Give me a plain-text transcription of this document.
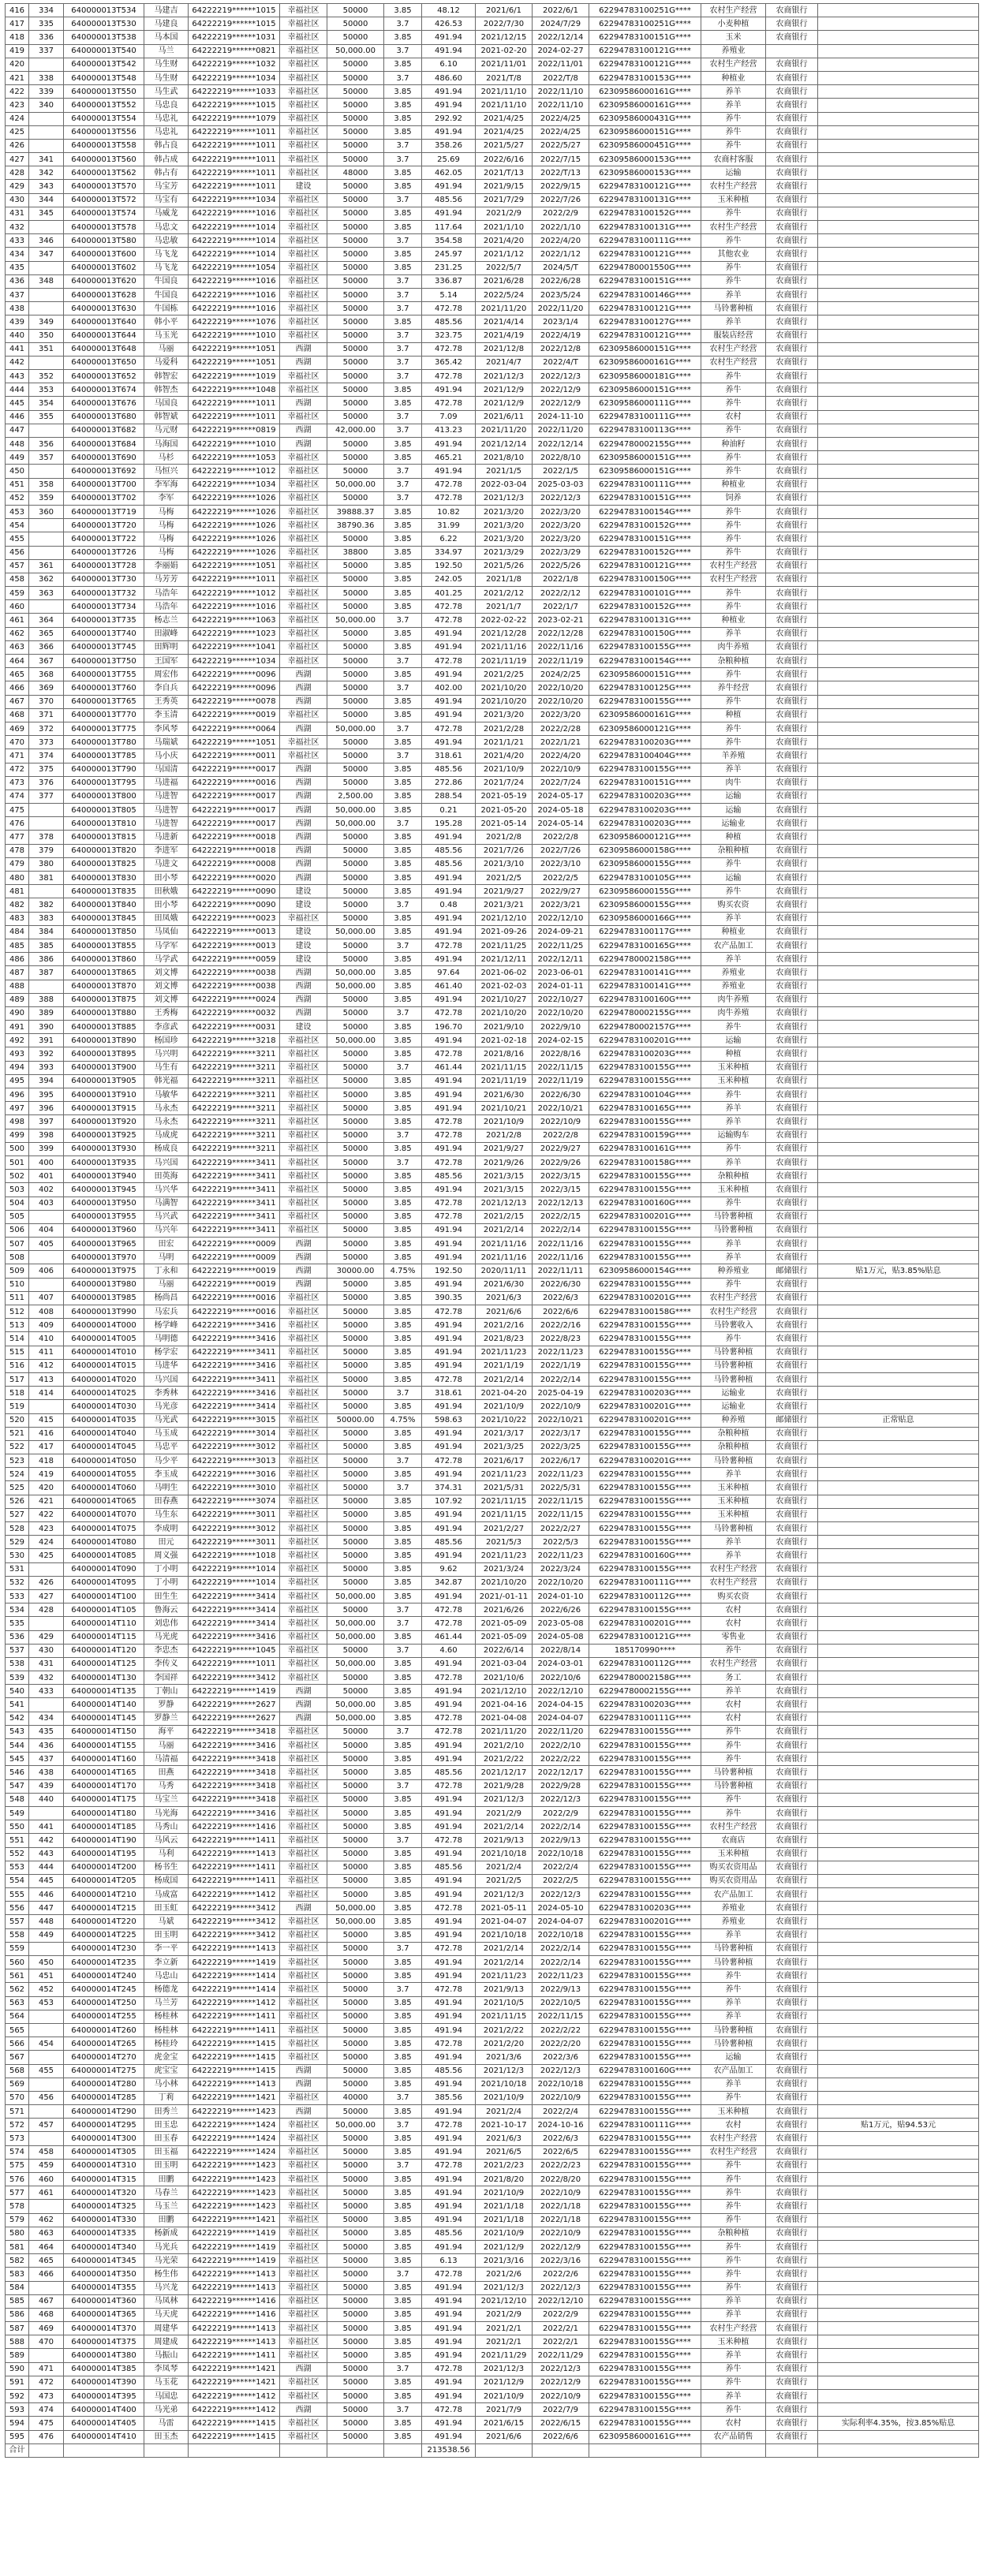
416	334	640000013T534	马建吉	64222219******1015	幸福社区	50000	3.85	48.12	2021/6/1	2022/6/1	62294783100251G****	农村生产经营	农商银行	
417	335	640000013T530	马建良	64222219******1015	幸福社区	50000	3.7	426.53	2022/7/30	2024/7/29	62294783100251G****	小麦种植	农商银行	
418	336	640000013T538	马本国	64222219******1031	幸福社区	50000	3.85	491.94	2021/12/15	2022/12/14	62294783100151G****	玉米	农商银行	
419	337	640000013T540	马兰	64222219******0821	幸福社区	50,000.00	3.7	491.94	2021-02-20	2024-02-27	62294783100121G****	养殖业		
420		640000013T542	马生财	64222219******1032	幸福社区	50000	3.85	6.10	2021/11/01	2022/11/01	62294783100121G****	农村生产经营	农商银行	
421	338	640000013T548	马生财	64222219******1034	幸福社区	50000	3.7	486.60	2021/T/8	2022/T/8	62294783100153G****	种植业	农商银行	
422	339	640000013T550	马生武	64222219******1033	幸福社区	50000	3.85	491.94	2021/11/10	2022/11/10	62309586000161G****	养羊	农商银行	
423	340	640000013T552	马忠良	64222219******1015	幸福社区	50000	3.85	491.94	2021/11/10	2022/11/10	62309586000161G****	养羊	农商银行	
424		640000013T554	马忠礼	64222219******1079	幸福社区	50000	3.85	292.92	2021/4/25	2022/4/25	62309586000431G****	养牛	农商银行	
425		640000013T556	马忠礼	64222219******1011	幸福社区	50000	3.85	491.94	2021/4/25	2022/4/25	62309586000151G****	养牛	农商银行	
426		640000013T558	韩占良	64222219******1011	幸福社区	50000	3.7	358.26	2021/5/27	2022/5/27	62309586000451G****	养牛	农商银行	
427	341	640000013T560	韩占成	64222219******1011	幸福社区	50000	3.7	25.69	2022/6/16	2022/7/15	62309586000153G****	农商村客服	农商银行	
428	342	640000013T562	韩占有	64222219******1011	幸福社区	48000	3.85	462.05	2021/T/13	2022/T/13	62309586000153G****	运输	农商银行	
429	343	640000013T570	马宝芳	64222219******1011	建设	50000	3.85	491.94	2021/9/15	2022/9/15	62294783100121G****	农村生产经营	农商银行	
430	344	640000013T572	马宝有	64222219******1034	幸福社区	50000	3.7	485.56	2021/7/29	2022/7/26	62294783100131G****	玉米种植	农商银行	
431	345	640000013T574	马威龙	64222219******1016	幸福社区	50000	3.85	491.94	2021/2/9	2022/2/9	62294783100152G****	养牛	农商银行	
432		640000013T578	马忠文	64222219******1014	幸福社区	50000	3.85	117.64	2021/1/10	2022/1/10	62294783100131G****	农村生产经营	农商银行	
433	346	640000013T580	马忠敏	64222219******1014	幸福社区	50000	3.7	354.58	2021/4/20	2022/4/20	62294783100111G****	养牛	农商银行	
434	347	640000013T600	马飞龙	64222219******1014	幸福社区	50000	3.85	245.97	2021/1/12	2022/1/12	62294783100121G****	其他农业	农商银行	
435		640000013T602	马飞龙	64222219******1054	幸福社区	50000	3.85	231.25	2022/5/7	2024/5/T	62294780001550G****	养牛	农商银行	
436	348	640000013T620	牛国良	64222219******1016	幸福社区	50000	3.7	336.87	2021/6/28	2022/6/28	62294783100151G****	养牛	农商银行	
437		640000013T628	牛国良	64222219******1016	幸福社区	50000	3.7	5.14	2022/5/24	2023/5/24	62294783100146G****	养羊	农商银行	
438		640000013T630	牛国栋	64222219******1016	幸福社区	50000	3.7	472.78	2021/11/20	2022/11/20	62294783100121G****	马铃薯种植	农商银行	
439	349	640000013T640	韩小平	64222219******1076	幸福社区	50000	3.85	485.56	2021/4/14	2023/1/4	62294783100127G****	养羊	农商银行	
440	350	640000013T644	马玉光	64222219******1010	幸福社区	50000	3.7	323.75	2021/4/19	2022/4/19	62294783100121G****	服装店经营	农商银行	
441	351	640000013T648	马丽	64222219******1051	西湖	50000	3.7	472.78	2021/12/8	2022/12/8	62309586000151G****	农村生产经营	农商银行	
442		640000013T650	马爱科	64222219******1051	西湖	50000	3.7	365.42	2021/4/7	2022/4/T	62309586000161G****	农村生产经营	农商银行	
443	352	640000013T652	韩智宏	64222219******1019	幸福社区	50000	3.7	472.78	2021/12/3	2022/12/3	62309586000181G****	养牛	农商银行	
444	353	640000013T674	韩智杰	64222219******1048	幸福社区	50000	3.85	491.94	2021/12/9	2022/12/9	62309586000151G****	养牛	农商银行	
445	354	640000013T676	马国良	64222219******1011	西湖	50000	3.85	472.78	2021/12/9	2022/12/9	62309586000111G****	养牛	农商银行	
446	355	640000013T680	韩智斌	64222219******1011	幸福社区	50000	3.7	7.09	2021/6/11	2024-11-10	62294783100111G****	农村	农商银行	
447		640000013T682	马元财	64222219******0819	西湖	42,000.00	3.7	413.23	2021/11/20	2022/11/20	62294783100113G****	养牛	农商银行	
448	356	640000013T684	马海国	64222219******1010	西湖	50000	3.85	491.94	2021/12/14	2022/12/14	62294780002155G****	种油籽	农商银行	
449	357	640000013T690	马杉	64222219******1053	幸福社区	50000	3.85	465.21	2021/8/10	2022/8/10	62309586000151G****	养牛	农商银行	
450		640000013T692	马恒兴	64222219******1012	幸福社区	50000	3.7	491.94	2021/1/5	2022/1/5	62309586000151G****	养牛	农商银行	
451	358	640000013T700	李军海	64222219******1034	幸福社区	50,000.00	3.7	472.78	2022-03-04	2025-03-03	62294783100111G****	种植业	农商银行	
452	359	640000013T702	李军	64222219******1026	幸福社区	50000	3.7	472.78	2021/12/3	2022/12/3	62294783100151G****	饲养	农商银行	
453	360	640000013T719	马梅	64222219******1026	幸福社区	39888.37	3.85	10.82	2021/3/20	2022/3/20	62294783100154G****	养牛	农商银行	
454		640000013T720	马梅	64222219******1026	幸福社区	38790.36	3.85	31.99	2021/3/20	2022/3/20	62294783100152G****	养牛	农商银行	
455		640000013T722	马梅	64222219******1026	幸福社区	50000	3.85	6.22	2021/3/20	2022/3/20	62294783100151G****	养牛	农商银行	
456		640000013T726	马梅	64222219******1026	幸福社区	38800	3.85	334.97	2021/3/29	2022/3/29	62294783100152G****	养牛	农商银行	
457	361	640000013T728	李丽娟	64222219******1051	幸福社区	50000	3.85	192.50	2021/5/26	2022/5/26	62294783100121G****	农村生产经营	农商银行	
458	362	640000013T730	马芳芳	64222219******1011	幸福社区	50000	3.85	242.05	2021/1/8	2022/1/8	62294783100150G****	农村生产经营	农商银行	
459	363	640000013T732	马浩年	64222219******1012	幸福社区	50000	3.85	401.25	2021/2/12	2022/2/12	62294783100101G****	养牛	农商银行	
460		640000013T734	马浩年	64222219******1016	幸福社区	50000	3.85	472.78	2021/1/7	2022/1/7	62294783100152G****	养牛	农商银行	
461	364	640000013T735	杨志兰	64222219******1063	幸福社区	50,000.00	3.7	472.78	2022-02-22	2023-02-21	62294783100131G****	种植业	农商银行	
462	365	640000013T740	田淑峰	64222219******1023	幸福社区	50000	3.85	491.94	2021/12/28	2022/12/28	62294783100150G****	养羊	农商银行	
463	366	640000013T745	田辉明	64222219******1041	幸福社区	50000	3.85	491.94	2021/11/16	2022/11/16	62294783100155G****	肉牛养殖	农商银行	
464	367	640000013T750	王国军	64222219******1034	幸福社区	50000	3.7	472.78	2021/11/19	2022/11/19	62294783100154G****	杂粮种植	农商银行	
465	368	640000013T755	周宏伟	64222219******0096	西湖	50000	3.85	491.94	2021/2/25	2024/2/25	62309586000151G****	养牛	农商银行	
466	369	640000013T760	李自兵	64222219******0096	西湖	50000	3.7	402.00	2021/10/20	2022/10/20	62294783100125G****	养牛经营	农商银行	
467	370	640000013T765	王秀英	64222219******0078	西湖	50000	3.85	491.94	2021/10/20	2022/10/20	62294783100155G****	养牛	农商银行	
468	371	640000013T770	李玉清	64222219******0019	幸福社区	50000	3.85	491.94	2021/3/20	2022/3/20	62309586000161G****	种植	农商银行	
469	372	640000013T775	李风琴	64222219******0064	西湖	50,000.00	3.7	472.78	2021/2/28	2022/2/28	62309586000121G****	养牛	农商银行	
470	373	640000013T780	马瑞斌	64222219******1051	幸福社区	50000	3.85	491.94	2021/1/21	2022/1/21	62294783100203G****	养牛	农商银行	
471	374	640000013T785	马小庆	64222219******0011	幸福社区	50000	3.7	318.61	2021/4/20	2022/4/20	62294783100404G****	羊养殖	农商银行	
472	375	640000013T790	马国清	64222219******0017	西湖	50000	3.85	485.56	2021/10/9	2022/10/9	62294783100155G****	养羊	农商银行	
473	376	640000013T795	马进福	64222219******0016	西湖	50000	3.85	272.86	2021/7/24	2022/7/24	62294783100151G****	肉牛	农商银行	
474	377	640000013T800	马进智	64222219******0017	西湖	2,500.00	3.85	288.54	2021-05-19	2024-05-17	62294783100203G****	运输	农商银行	
475		640000013T805	马进智	64222219******0017	西湖	50,000.00	3.85	0.21	2021-05-20	2024-05-18	62294783100203G****	运输	农商银行	
476		640000013T810	马进智	64222219******0017	西湖	50,000.00	3.7	195.28	2021-05-14	2024-05-14	62294783100203G****	运输业	农商银行	
477	378	640000013T815	马进新	64222219******0018	西湖	50000	3.85	491.94	2021/2/8	2022/2/8	62309586000121G****	种植	农商银行	
478	379	640000013T820	李进军	64222219******0018	西湖	50000	3.85	485.56	2021/7/26	2022/7/26	62309586000158G****	杂粮种植	农商银行	
479	380	640000013T825	马进文	64222219******0008	西湖	50000	3.85	485.56	2021/3/10	2022/3/10	62309586000155G****	养牛	农商银行	
480	381	640000013T830	田小琴	64222219******0020	西湖	50000	3.85	491.94	2021/2/5	2022/2/5	62294783100105G****	运输	农商银行	
481		640000013T835	田秋娥	64222219******0090	建设	50000	3.85	491.94	2021/9/27	2022/9/27	62309586000155G****	养牛	农商银行	
482	382	640000013T840	田小琴	64222219******0090	建设	50000	3.7	0.48	2021/3/21	2022/3/21	62309586000155G****	购买农资	农商银行	
483	383	640000013T845	田凤娥	64222219******0023	幸福社区	50000	3.85	491.94	2021/12/10	2022/12/10	62309586000166G****	养羊	农商银行	
484	384	640000013T850	马凤仙	64222219******0013	建设	50,000.00	3.85	491.94	2021-09-26	2024-09-21	62294783100117G****	种植业	农商银行	
485	385	640000013T855	马学军	64222219******0013	建设	50000	3.7	472.78	2021/11/25	2022/11/25	62294783100165G****	农产品加工	农商银行	
486	386	640000013T860	马学武	64222219******0059	建设	50000	3.85	491.94	2021/12/11	2022/12/11	62294780002158G****	养羊	农商银行	
487	387	640000013T865	刘文博	64222219******0038	西湖	50,000.00	3.85	97.64	2021-06-02	2023-06-01	62294783100141G****	养殖业	农商银行	
488		640000013T870	刘文博	64222219******0038	西湖	50,000.00	3.85	461.40	2021-02-03	2024-01-11	62294783100141G****	养殖业	农商银行	
489	388	640000013T875	刘文博	64222219******0024	西湖	50000	3.85	491.94	2021/10/27	2022/10/27	62294783100160G****	肉牛养殖	农商银行	
490	389	640000013T880	王秀梅	64222219******0032	西湖	50000	3.7	472.78	2021/10/20	2022/10/20	62294780002155G****	肉牛养殖	农商银行	
491	390	640000013T885	李彦武	64222219******0031	建设	50000	3.85	196.70	2021/9/10	2022/9/10	62294780002157G****	养牛	农商银行	
492	391	640000013T890	杨国珍	64222219******3218	幸福社区	50,000.00	3.85	491.94	2021-02-18	2024-02-15	62294783100201G****	运输	农商银行	
493	392	640000013T895	马兴明	64222219******3211	幸福社区	50000	3.85	472.78	2021/8/16	2022/8/16	62294783100203G****	种植	农商银行	
494	393	640000013T900	马生有	64222219******3211	幸福社区	50000	3.7	461.44	2021/11/15	2022/11/15	62294783100155G****	玉米种植	农商银行	
495	394	640000013T905	韩光福	64222219******3211	幸福社区	50000	3.85	491.94	2021/11/19	2022/11/19	62294783100155G****	玉米种植	农商银行	
496	395	640000013T910	马敏华	64222219******3211	幸福社区	50000	3.85	491.94	2021/6/30	2022/6/30	62294783100104G****	养牛	农商银行	
497	396	640000013T915	马永杰	64222219******3211	幸福社区	50000	3.85	491.94	2021/10/21	2022/10/21	62294783100165G****	养羊	农商银行	
498	397	640000013T920	马永杰	64222219******3211	幸福社区	50000	3.85	472.78	2021/10/9	2022/10/9	62294783100155G****	养羊	农商银行	
499	398	640000013T925	马成虎	64222219******3211	幸福社区	50000	3.7	472.78	2021/2/8	2022/2/8	62294783100159G****	运输购车	农商银行	
500	399	640000013T930	杨成良	64222219******3211	幸福社区	50000	3.85	491.94	2021/9/27	2022/9/27	62294783100161G****	养牛	农商银行	
501	400	640000013T935	马兴国	64222219******3411	幸福社区	50000	3.7	472.78	2021/9/26	2022/9/26	62294783100158G****	养羊	农商银行	
502	401	640000013T940	田英海	64222219******3411	幸福社区	50000	3.85	485.56	2021/3/15	2022/3/15	62294783100155G****	杂粮种植	农商银行	
503	402	640000013T945	马兴华	64222219******3411	幸福社区	50000	3.85	491.94	2021/3/15	2022/3/15	62294783100155G****	玉米种植	农商银行	
504	403	640000013T950	马满智	64222219******3411	幸福社区	50000	3.85	472.78	2021/12/13	2022/12/13	62294783100160G****	养牛	农商银行	
505		640000013T955	马兴武	64222219******3411	幸福社区	50000	3.85	472.78	2021/2/15	2022/2/15	62294783100201G****	马铃薯种植	农商银行	
506	404	640000013T960	马兴年	64222219******3411	幸福社区	50000	3.85	491.94	2021/2/14	2022/2/14	62294783100155G****	马铃薯种植	农商银行	
507	405	640000013T965	田宏	64222219******0009	西湖	50000	3.85	491.94	2021/11/16	2022/11/16	62294783100155G****	养羊	农商银行	
508		640000013T970	马明	64222219******0009	西湖	50000	3.85	491.94	2021/11/16	2022/11/16	62294783100155G****	养羊	农商银行	
509	406	640000013T975	丁永和	64222219******0019	西湖	30000.00	4.75%	192.50	2020/11/11	2022/11/11	62309586000154G****	种养殖业	邮储银行	贴1万元，贴3.85%贴息
510		640000013T980	马丽	64222219******0019	西湖	50000	3.85	491.94	2021/6/30	2022/6/30	62294783100155G****	养牛	农商银行	
511	407	640000013T985	杨尚昌	64222219******0016	幸福社区	50000	3.85	390.35	2021/6/3	2022/6/3	62294783100201G****	农村生产经营	农商银行	
512	408	640000013T990	马宏兵	64222219******0016	幸福社区	50000	3.85	472.78	2021/6/6	2022/6/6	62294783100158G****	农村生产经营	农商银行	
513	409	640000014T000	杨学峰	64222219******3416	幸福社区	50000	3.85	491.94	2021/2/16	2022/2/16	62294783100155G****	马铃薯收入	农商银行	
514	410	640000014T005	马明德	64222219******3416	幸福社区	50000	3.85	491.94	2021/8/23	2022/8/23	62294783100155G****	养牛	农商银行	
515	411	640000014T010	杨学宏	64222219******3411	幸福社区	50000	3.85	491.94	2021/11/23	2022/11/23	62294783100155G****	马铃薯种植	农商银行	
516	412	640000014T015	马进华	64222219******3416	幸福社区	50000	3.85	491.94	2021/1/19	2022/1/19	62294783100155G****	马铃薯种植	农商银行	
517	413	640000014T020	马兴国	64222219******3411	幸福社区	50000	3.85	472.78	2021/2/14	2022/2/14	62294783100155G****	马铃薯种植	农商银行	
518	414	640000014T025	李秀林	64222219******3416	幸福社区	50000	3.7	318.61	2021-04-20	2025-04-19	62294783100203G****	运输业	农商银行	
519		640000014T030	马光彦	64222219******3414	幸福社区	50000	3.85	491.94	2021/10/9	2022/10/9	62294783100201G****	运输业	农商银行	
520	415	640000014T035	马光武	64222219******3015	幸福社区	50000.00	4.75%	598.63	2021/10/22	2022/10/21	62294783100201G****	种养殖	邮储银行	正常贴息
521	416	640000014T040	马玉成	64222219******3014	幸福社区	50000	3.85	491.94	2021/3/17	2022/3/17	62294783100155G****	杂粮种植	农商银行	
522	417	640000014T045	马忠平	64222219******3012	幸福社区	50000	3.85	491.94	2021/3/25	2022/3/25	62294783100155G****	杂粮种植	农商银行	
523	418	640000014T050	马少平	64222219******3013	幸福社区	50000	3.7	472.78	2021/6/17	2022/6/17	62294783100201G****	马铃薯种植	农商银行	
524	419	640000014T055	李玉成	64222219******3016	幸福社区	50000	3.85	491.94	2021/11/23	2022/11/23	62294783100155G****	养羊	农商银行	
525	420	640000014T060	马明生	64222219******3010	幸福社区	50000	3.7	374.31	2021/5/31	2022/5/31	62294783100155G****	玉米种植	农商银行	
526	421	640000014T065	田春燕	64222219******3074	幸福社区	50000	3.85	107.92	2021/11/15	2022/11/15	62294783100155G****	玉米种植	农商银行	
527	422	640000014T070	马生东	64222219******3011	幸福社区	50000	3.85	491.94	2021/11/15	2022/11/15	62294783100155G****	玉米种植	农商银行	
528	423	640000014T075	李成明	64222219******3012	幸福社区	50000	3.85	491.94	2021/2/27	2022/2/27	62294783100155G****	马铃薯种植	农商银行	
529	424	640000014T080	田元	64222219******3011	幸福社区	50000	3.85	485.56	2021/5/3	2022/5/3	62294783100155G****	养羊	农商银行	
530	425	640000014T085	周义强	64222219******1018	幸福社区	50000	3.85	491.94	2021/11/23	2022/11/23	62294783100160G****	养羊	农商银行	
531		640000014T090	丁小明	64222219******1014	幸福社区	50000	3.85	9.62	2021/3/24	2022/3/24	62294783100155G****	农村生产经营	农商银行	
532	426	640000014T095	丁小明	64222219******1014	幸福社区	50000	3.85	342.87	2021/10/20	2022/10/20	62294783100111G****	农村生产经营	农商银行	
533	427	640000014T100	田生生	64222219******3414	幸福社区	50,000.00	3.85	491.94	2021/-01-11	2024-01-10	62294783100112G****	购买农资	农商银行	
534	428	640000014T105	鲁海云	64222219******3414	幸福社区	50000	3.7	472.78	2021/6/26	2022/6/26	62294783100155G****	农村	农商银行	
535		640000014T110	刘忠伟	64222219******3414	幸福社区	50,000.00	3.7	472.78	2021-05-09	2023-05-08	62294783100201G****	农村	农商银行	
536	429	640000014T115	马光虎	64222219******3416	幸福社区	50,000.00	3.85	461.44	2021-05-09	2024-05-08	62294783100121G****	零售业	农商银行	
537	430	640000014T120	李忠杰	64222219******1045	幸福社区	50000	3.7	4.60	2022/6/14	2022/8/14	185170990****	养牛	农商银行	
538	431	640000014T125	李传义	64222219******1011	幸福社区	50,000.00	3.85	491.94	2021-03-04	2024-03-01	62294783100112G****	农村生产经营	农商银行	
539	432	640000014T130	李国祥	64222219******3412	幸福社区	50000	3.85	472.78	2021/10/6	2022/10/6	62294780002158G****	务工	农商银行	
540	433	640000014T135	丁朝山	64222219******1419	西湖	50000	3.85	491.94	2021/12/10	2022/12/10	62294780002155G****	养羊	农商银行	
541		640000014T140	罗静	64222219******2627	西湖	50,000.00	3.85	491.94	2021-04-16	2024-04-15	62294783100203G****	农村	农商银行	
542	434	640000014T145	罗静兰	64222219******2627	西湖	50,000.00	3.85	472.78	2021-04-08	2024-04-07	62294783100111G****	农村	农商银行	
543	435	640000014T150	海平	64222219******3418	幸福社区	50000	3.7	472.78	2021/11/20	2022/11/20	62294783100155G****	养牛	农商银行	
544	436	640000014T155	马丽	64222219******3416	幸福社区	50000	3.85	491.94	2021/2/10	2022/2/10	62294783100155G****	养牛	农商银行	
545	437	640000014T160	马清福	64222219******3418	幸福社区	50000	3.85	491.94	2021/2/22	2022/2/22	62294783100155G****	养牛	农商银行	
546	438	640000014T165	田燕	64222219******3418	幸福社区	50000	3.85	485.56	2021/12/17	2022/12/17	62294783100155G****	马铃薯种植	农商银行	
547	439	640000014T170	马秀	64222219******3418	幸福社区	50000	3.7	472.78	2021/9/28	2022/9/28	62294783100155G****	马铃薯种植	农商银行	
548	440	640000014T175	马宝兰	64222219******3418	幸福社区	50000	3.85	491.94	2021/12/3	2022/12/3	62294783100155G****	养牛	农商银行	
549		640000014T180	马光海	64222219******3416	幸福社区	50000	3.85	491.94	2021/2/9	2022/2/9	62294783100155G****	养牛	农商银行	
550	441	640000014T185	马秀山	64222219******1416	幸福社区	50000	3.85	491.94	2021/2/14	2022/2/14	62294783100155G****	农村生产经营	农商银行	
551	442	640000014T190	马风云	64222219******1411	幸福社区	50000	3.7	472.78	2021/9/13	2022/9/13	62294783100155G****	农商店	农商银行	
552	443	640000014T195	马利	64222219******1413	幸福社区	50000	3.85	491.94	2021/10/18	2022/10/18	62294783100155G****	玉米种植	农商银行	
553	444	640000014T200	杨书生	64222219******1411	幸福社区	50000	3.85	485.56	2021/2/4	2022/2/4	62294783100155G****	购买农资用品	农商银行	
554	445	640000014T205	杨成国	64222219******1411	幸福社区	50000	3.85	491.94	2021/2/5	2022/2/5	62294783100155G****	购买农资用品	农商银行	
555	446	640000014T210	马成富	64222219******1412	幸福社区	50000	3.85	491.94	2021/12/3	2022/12/3	62294783100155G****	农产品加工	农商银行	
556	447	640000014T215	田玉虹	64222219******3412	西湖	50,000.00	3.85	472.78	2021-05-11	2024-05-10	62294783100203G****	养殖业	农商银行	
557	448	640000014T220	马斌	64222219******3412	幸福社区	50,000.00	3.85	491.94	2021-04-07	2024-04-07	62294783100201G****	养殖业	农商银行	
558	449	640000014T225	田玉明	64222219******3412	幸福社区	50000	3.85	491.94	2021/10/18	2022/10/18	62294783100155G****	养羊	农商银行	
559		640000014T230	李一平	64222219******1413	幸福社区	50000	3.7	472.78	2021/2/14	2022/2/14	62294783100155G****	马铃薯种植	农商银行	
560	450	640000014T235	李立新	64222219******1419	幸福社区	50000	3.85	491.94	2021/2/14	2022/2/14	62294783100155G****	马铃薯种植	农商银行	
561	451	640000014T240	马忠山	64222219******1414	幸福社区	50000	3.85	491.94	2021/11/23	2022/11/23	62294783100155G****	养牛	农商银行	
562	452	640000014T245	杨德龙	64222219******1414	幸福社区	50000	3.7	472.78	2021/9/13	2022/9/13	62294783100155G****	养牛	农商银行	
563	453	640000014T250	马兰芳	64222219******1412	幸福社区	50000	3.85	491.94	2021/10/5	2022/10/5	62294783100155G****	养羊	农商银行	
564		640000014T255	杨桂林	64222219******1411	幸福社区	50000	3.85	491.94	2021/11/15	2022/11/15	62294783100155G****	养羊	农商银行	
565		640000014T260	杨桂林	64222219******1411	幸福社区	50000	3.85	491.94	2021/2/22	2022/2/22	62294783100155G****	马铃薯种植	农商银行	
566	454	640000014T265	杨桂玲	64222219******1415	幸福社区	50000	3.85	472.78	2021/2/20	2022/2/20	62294783100155G****	马铃薯种植	农商银行	
567		640000014T270	虎金宝	64222219******1415	幸福社区	50000	3.85	491.94	2021/3/6	2022/3/6	62294783100155G****	运输	农商银行	
568	455	640000014T275	虎宝宝	64222219******1415	西湖	50000	3.85	485.56	2021/12/3	2022/12/3	62294783100160G****	农产品加工	农商银行	
569		640000014T280	马小林	64222219******1413	西湖	50000	3.85	491.94	2021/10/18	2022/10/18	62294783100155G****	养羊	农商银行	
570	456	640000014T285	丁莉	64222219******1421	幸福社区	40000	3.7	385.56	2021/10/9	2022/10/9	62294783100155G****	养牛	农商银行	
571		640000014T290	田秀兰	64222219******1423	西湖	50000	3.85	491.94	2021/2/4	2022/2/4	62294783100155G****	玉米种植	农商银行	
572	457	640000014T295	田玉忠	64222219******1424	幸福社区	50,000.00	3.7	472.78	2021-10-17	2024-10-16	62294783100111G****	农村	农商银行	贴1万元，贴94.53元
573		640000014T300	田玉春	64222219******1424	幸福社区	50000	3.85	491.94	2021/6/3	2022/6/3	62294783100155G****	农村生产经营	农商银行	
574	458	640000014T305	田玉福	64222219******1424	幸福社区	50000	3.85	491.94	2021/6/5	2022/6/5	62294783100155G****	农村生产经营	农商银行	
575	459	640000014T310	田玉明	64222219******1423	幸福社区	50000	3.7	472.78	2021/2/23	2022/2/23	62294783100155G****	养牛	农商银行	
576	460	640000014T315	田鹏	64222219******1423	幸福社区	50000	3.85	491.94	2021/8/20	2022/8/20	62294783100155G****	养牛	农商银行	
577	461	640000014T320	马春兰	64222219******1423	幸福社区	50000	3.85	491.94	2021/10/9	2022/10/9	62294783100155G****	养牛	农商银行	
578		640000014T325	马玉兰	64222219******1423	幸福社区	50000	3.85	491.94	2021/1/18	2022/1/18	62294783100155G****	养牛	农商银行	
579	462	640000014T330	田鹏	64222219******1421	幸福社区	50000	3.85	491.94	2021/1/18	2022/1/18	62294783100155G****	养牛	农商银行	
580	463	640000014T335	杨新成	64222219******1419	幸福社区	50000	3.85	485.56	2021/10/9	2022/10/9	62294783100155G****	杂粮种植	农商银行	
581	464	640000014T340	马光兵	64222219******1419	幸福社区	50000	3.85	491.94	2021/12/9	2022/12/9	62294783100155G****	养牛	农商银行	
582	465	640000014T345	马光荣	64222219******1419	幸福社区	50000	3.85	6.13	2021/3/16	2022/3/16	62294783100155G****	养牛	农商银行	
583	466	640000014T350	杨生伟	64222219******1413	幸福社区	50000	3.7	472.78	2021/2/6	2022/2/6	62294783100155G****	养牛	农商银行	
584		640000014T355	马兴龙	64222219******1413	幸福社区	50000	3.85	491.94	2021/12/3	2022/12/3	62294783100155G****	养牛	农商银行	
585	467	640000014T360	马凤林	64222219******1416	幸福社区	50000	3.85	491.94	2021/12/10	2022/12/10	62294783100155G****	养羊	农商银行	
586	468	640000014T365	马天虎	64222219******1416	幸福社区	50000	3.85	491.94	2021/2/9	2022/2/9	62294783100155G****	养羊	农商银行	
587	469	640000014T370	周建华	64222219******1413	幸福社区	50000	3.85	491.94	2021/2/1	2022/2/1	62294783100155G****	农村生产经营	农商银行	
588	470	640000014T375	周建成	64222219******1413	幸福社区	50000	3.85	491.94	2021/2/1	2022/2/1	62294783100155G****	玉米种植	农商银行	
589		640000014T380	马振山	64222219******1411	幸福社区	50000	3.85	491.94	2021/11/29	2022/11/29	62294783100155G****	养羊	农商银行	
590	471	640000014T385	李凤琴	64222219******1421	西湖	50000	3.7	472.78	2021/12/3	2022/12/3	62294783100155G****	养牛	农商银行	
591	472	640000014T390	马玉花	64222219******1421	幸福社区	50000	3.85	491.94	2021/12/9	2022/12/9	62294783100155G****	养牛	农商银行	
592	473	640000014T395	马国忠	64222219******1412	幸福社区	50000	3.85	491.94	2021/10/9	2022/10/9	62294783100155G****	养羊	农商银行	
593	474	640000014T400	马光弟	64222219******1412	西湖	50000	3.7	472.78	2021/7/9	2022/7/9	62294783100155G****	养牛	农商银行	
594	475	640000014T405	马雷	64222219******1415	幸福社区	50000	3.85	491.94	2021/6/15	2022/6/15	62294783100155G****	农村	农商银行	实际利率4.35%，按3.85%贴息
595	476	640000014T410	田玉杰	64222219******1415	幸福社区	50000	3.85	491.94	2021/6/6	2022/6/6	62309586000161G****	农产品销售	农商银行	
合计								213538.56						
